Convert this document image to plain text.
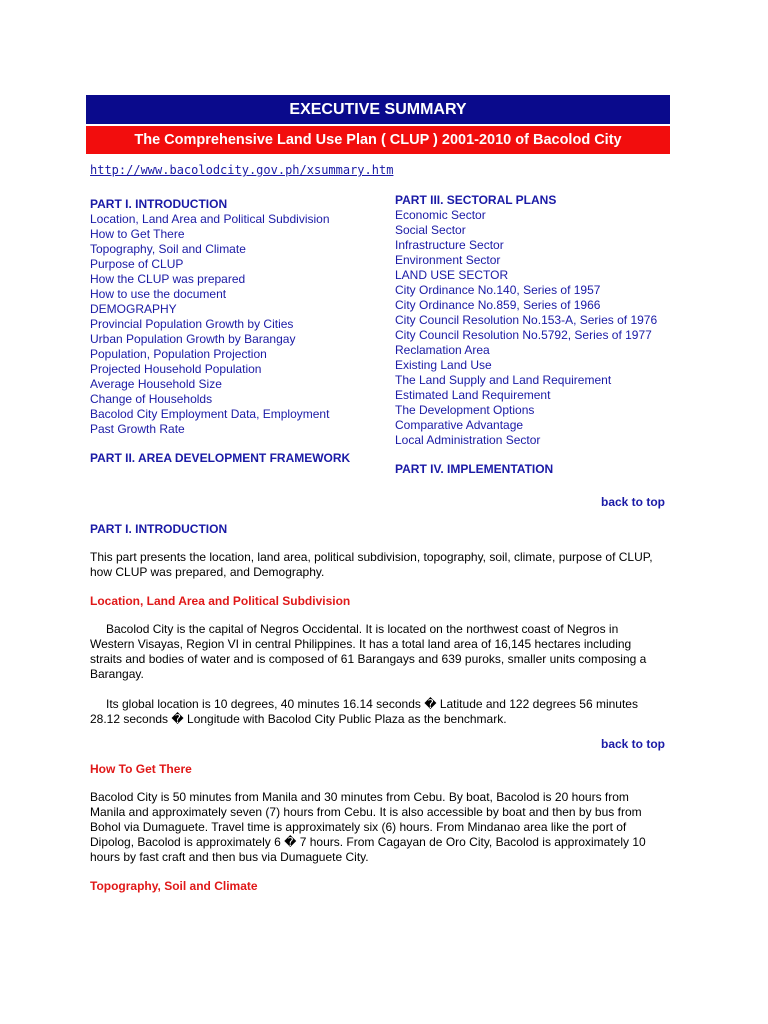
EXECUTIVE SUMMARY
The Comprehensive Land Use Plan ( CLUP ) 2001-2010 of Bacolod City
http://www.bacolodcity.gov.ph/xsummary.htm
PART I. INTRODUCTION
Location, Land Area and Political Subdivision
How to Get There
Topography, Soil and Climate
Purpose of CLUP
How the CLUP was prepared
How to use the document
DEMOGRAPHY
Provincial Population Growth by Cities
Urban Population Growth by Barangay
Population, Population Projection
Projected Household Population
Average Household Size
Change of Households
Bacolod City Employment Data, Employment
Past Growth Rate
PART II. AREA DEVELOPMENT FRAMEWORK
PART III. SECTORAL PLANS
Economic Sector
Social Sector
Infrastructure Sector
Environment Sector
LAND USE SECTOR
City Ordinance No.140, Series of 1957
City Ordinance No.859, Series of 1966
City Council Resolution No.153-A, Series of 1976
City Council Resolution No.5792, Series of 1977
Reclamation Area
Existing Land Use
The Land Supply and Land Requirement
Estimated Land Requirement
The Development Options
Comparative Advantage
Local Administration Sector
PART IV. IMPLEMENTATION
back to top
PART I. INTRODUCTION

This part presents the location, land area, political subdivision, topography, soil, climate, purpose of CLUP, how CLUP was prepared, and Demography.

Location, Land Area and Political Subdivision

Bacolod City is the capital of Negros Occidental. It is located on the northwest coast of Negros in Western Visayas, Region VI in central Philippines. It has a total land area of 16,145 hectares including straits and bodies of water and is composed of 61 Barangays and 639 puroks, smaller units composing a Barangay.

Its global location is 10 degrees, 40 minutes 16.14 seconds � Latitude and 122 degrees 56 minutes 28.12 seconds � Longitude with Bacolod City Public Plaza as the benchmark.

back to top
How To Get There

Bacolod City is 50 minutes from Manila and 30 minutes from Cebu. By boat, Bacolod is 20 hours from Manila and approximately seven (7) hours from Cebu. It is also accessible by boat and then by bus from Bohol via Dumaguete. Travel time is approximately six (6) hours. From Mindanao area like the port of Dipolog, Bacolod is approximately 6 � 7 hours. From Cagayan de Oro City, Bacolod is approximately 10 hours by fast craft and then bus via Dumaguete City.

Topography, Soil and Climate
